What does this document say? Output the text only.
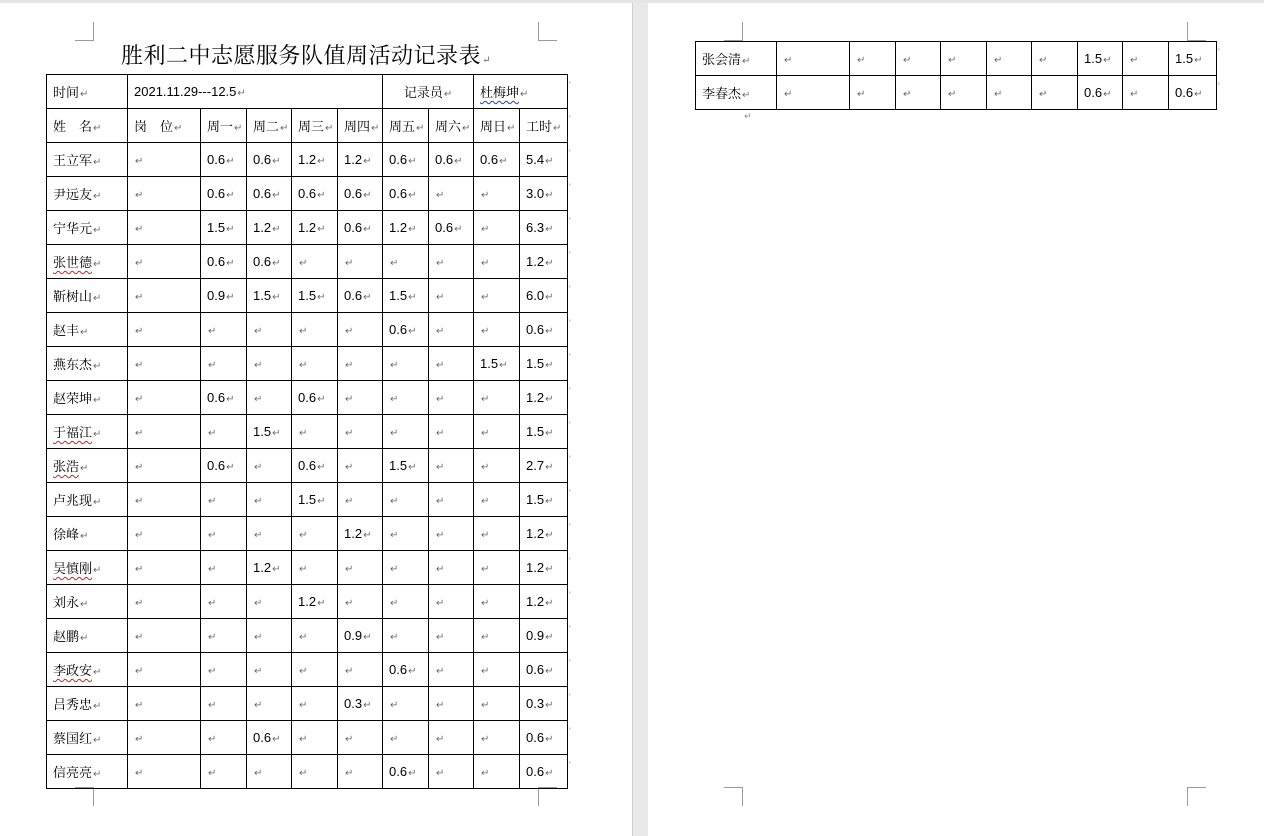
胜利二中志愿服务队值周活动记录表↵
时间↵	2021.11.29---12.5↵					记录员↵		杜梅坤↵	
姓　名↵	岗　位↵	周一↵	周二↵	周三↵	周四↵	周五↵	周六↵	周日↵	工时↵
王立军↵	↵	0.6↵	0.6↵	1.2↵	1.2↵	0.6↵	0.6↵	0.6↵	5.4↵
尹远友↵	↵	0.6↵	0.6↵	0.6↵	0.6↵	0.6↵	↵	↵	3.0↵
宁华元↵	↵	1.5↵	1.2↵	1.2↵	0.6↵	1.2↵	0.6↵	↵	6.3↵
张世德↵	↵	0.6↵	0.6↵	↵	↵	↵	↵	↵	1.2↵
靳树山↵	↵	0.9↵	1.5↵	1.5↵	0.6↵	1.5↵	↵	↵	6.0↵
赵丰↵	↵	↵	↵	↵	↵	0.6↵	↵	↵	0.6↵
燕东杰↵	↵	↵	↵	↵	↵	↵	↵	1.5↵	1.5↵
赵荣坤↵	↵	0.6↵	↵	0.6↵	↵	↵	↵	↵	1.2↵
于福江↵	↵	↵	1.5↵	↵	↵	↵	↵	↵	1.5↵
张浩↵	↵	0.6↵	↵	0.6↵	↵	1.5↵	↵	↵	2.7↵
卢兆现↵	↵	↵	↵	1.5↵	↵	↵	↵	↵	1.5↵
徐峰↵	↵	↵	↵	↵	1.2↵	↵	↵	↵	1.2↵
吴慎刚↵	↵	↵	1.2↵	↵	↵	↵	↵	↵	1.2↵
刘永↵	↵	↵	↵	1.2↵	↵	↵	↵	↵	1.2↵
赵鹏↵	↵	↵	↵	↵	0.9↵	↵	↵	↵	0.9↵
李政安↵	↵	↵	↵	↵	↵	0.6↵	↵	↵	0.6↵
吕秀忠↵	↵	↵	↵	↵	0.3↵	↵	↵	↵	0.3↵
蔡国红↵	↵	↵	0.6↵	↵	↵	↵	↵	↵	0.6↵
信亮亮↵	↵	↵	↵	↵	↵	0.6↵	↵	↵	0.6↵
张会清↵	↵	↵	↵	↵	↵	↵	1.5↵	↵	1.5↵
李春杰↵	↵	↵	↵	↵	↵	↵	0.6↵	↵	0.6↵
↵
'
'
'
'
'
'
'
'
'
'
'
'
'
'
'
'
'
'
'
'
'
'
'
